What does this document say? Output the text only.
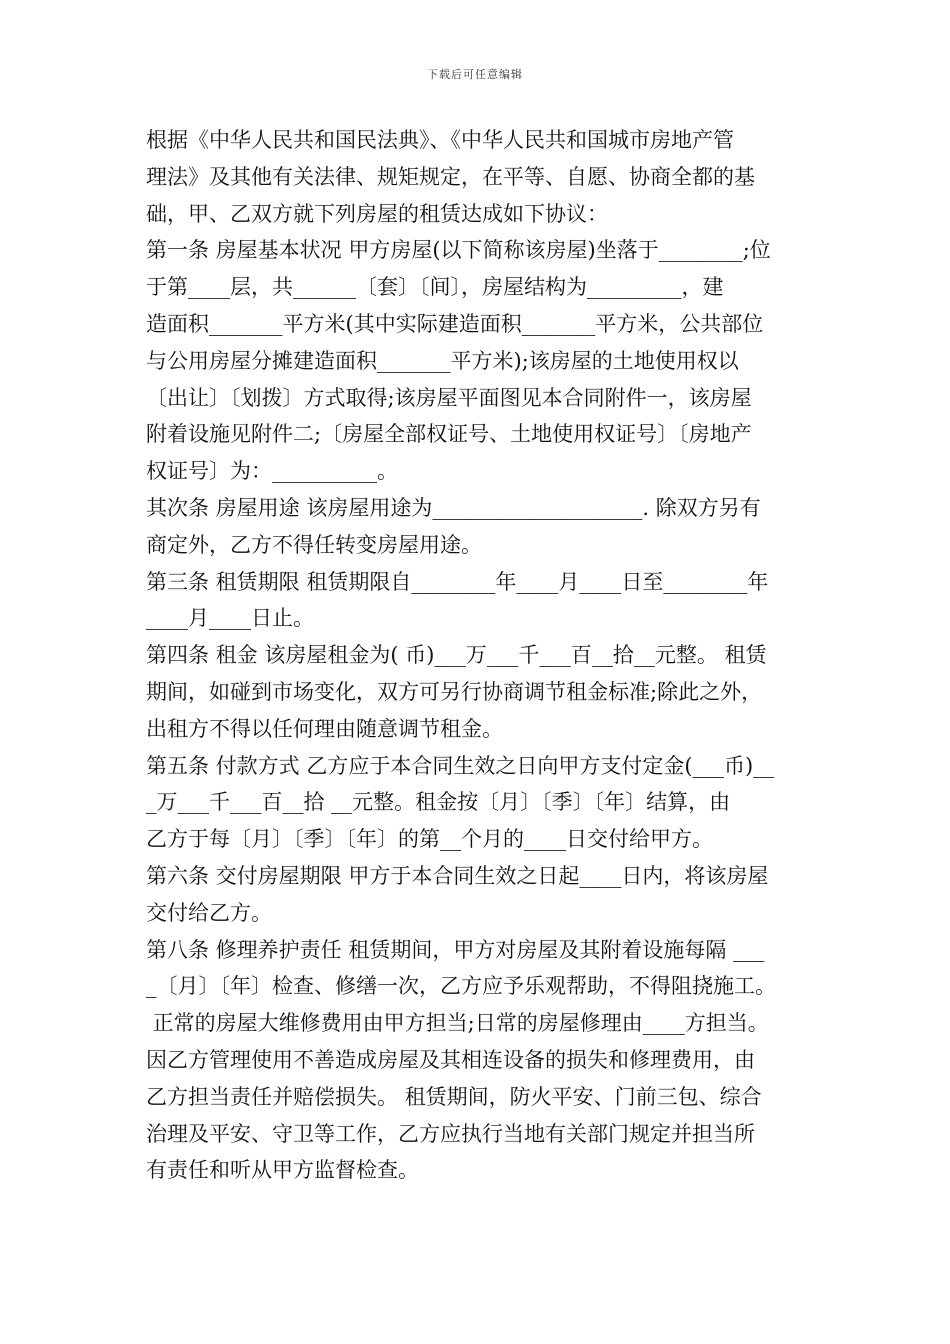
下载后可任意编辑
根据《中华人民共和国民法典》、《中华人民共和国城市房地产管
理法》及其他有关法律、规矩规定，在平等、自愿、协商全都的基
础，甲、乙双方就下列房屋的租赁达成如下协议：
第一条 房屋基本状况 甲方房屋(以下简称该房屋)坐落于________;位
于第____层，共______〔套〕〔间〕，房屋结构为_________，建
造面积_______平方米(其中实际建造面积_______平方米，公共部位
与公用房屋分摊建造面积_______平方米);该房屋的土地使用权以
〔出让〕〔划拨〕方式取得;该房屋平面图见本合同附件一，该房屋
附着设施见附件二;〔房屋全部权证号、土地使用权证号〕〔房地产
权证号〕为：__________。
其次条 房屋用途 该房屋用途为____________________. 除双方另有
商定外，乙方不得任转变房屋用途。
第三条 租赁期限 租赁期限自________年____月____日至________年
____月____日止。
第四条 租金 该房屋租金为( 币)___万___千___百__拾__元整。 租赁
期间，如碰到市场变化，双方可另行协商调节租金标准;除此之外，
出租方不得以任何理由随意调节租金。
第五条 付款方式 乙方应于本合同生效之日向甲方支付定金(___币)__
_万___千___百__拾 __元整。租金按〔月〕〔季〕〔年〕结算，由
乙方于每〔月〕〔季〕〔年〕的第__个月的____日交付给甲方。
第六条 交付房屋期限 甲方于本合同生效之日起____日内，将该房屋
交付给乙方。
第八条 修理养护责任 租赁期间，甲方对房屋及其附着设施每隔 ___
_〔月〕〔年〕检查、修缮一次，乙方应予乐观帮助，不得阻挠施工。
正常的房屋大维修费用由甲方担当;日常的房屋修理由____方担当。
因乙方管理使用不善造成房屋及其相连设备的损失和修理费用，由
乙方担当责任并赔偿损失。 租赁期间，防火平安、门前三包、综合
治理及平安、守卫等工作，乙方应执行当地有关部门规定并担当所
有责任和听从甲方监督检查。
